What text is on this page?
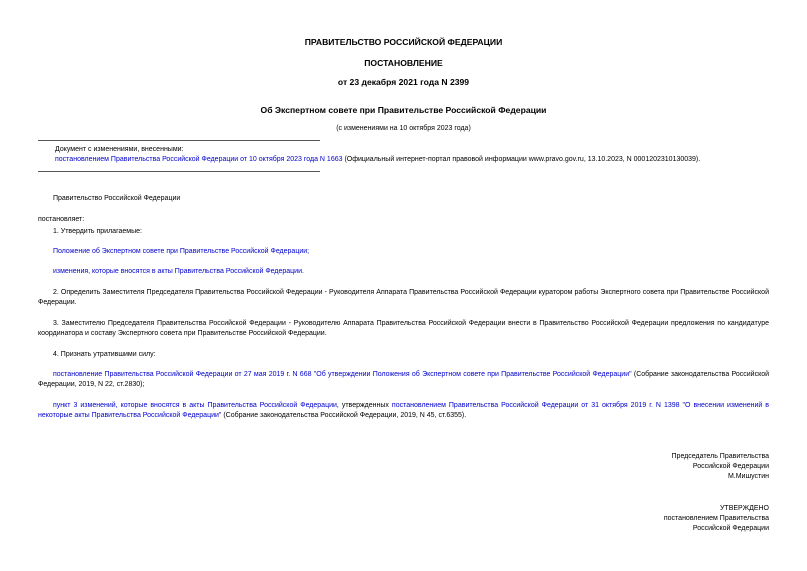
ПРАВИТЕЛЬСТВО РОССИЙСКОЙ ФЕДЕРАЦИИ
ПОСТАНОВЛЕНИЕ
от 23 декабря 2021 года N 2399
Об Экспертном совете при Правительстве Российской Федерации
(с изменениями на 10 октября 2023 года)
Документ с изменениями, внесенными:
постановлением Правительства Российской Федерации от 10 октября 2023 года N 1663 (Официальный интернет-портал правовой информации www.pravo.gov.ru, 13.10.2023, N 0001202310130039).
Правительство Российской Федерации
постановляет:
1. Утвердить прилагаемые:
Положение об Экспертном совете при Правительстве Российской Федерации;
изменения, которые вносятся в акты Правительства Российской Федерации.
2. Определить Заместителя Председателя Правительства Российской Федерации - Руководителя Аппарата Правительства Российской Федерации куратором работы Экспертного совета при Правительстве Российской Федерации.
3. Заместителю Председателя Правительства Российской Федерации - Руководителю Аппарата Правительства Российской Федерации внести в Правительство Российской Федерации предложения по кандидатуре координатора и составу Экспертного совета при Правительстве Российской Федерации.
4. Признать утратившими силу:
постановление Правительства Российской Федерации от 27 мая 2019 г. N 668 "Об утверждении Положения об Экспертном совете при Правительстве Российской Федерации" (Собрание законодательства Российской Федерации, 2019, N 22, ст.2830);
пункт 3 изменений, которые вносятся в акты Правительства Российской Федерации, утвержденных постановлением Правительства Российской Федерации от 31 октября 2019 г. N 1398 "О внесении изменений в некоторые акты Правительства Российской Федерации" (Собрание законодательства Российской Федерации, 2019, N 45, ст.6355).
Председатель Правительства
Российской Федерации
М.Мишустин
УТВЕРЖДЕНО
постановлением Правительства
Российской Федерации
